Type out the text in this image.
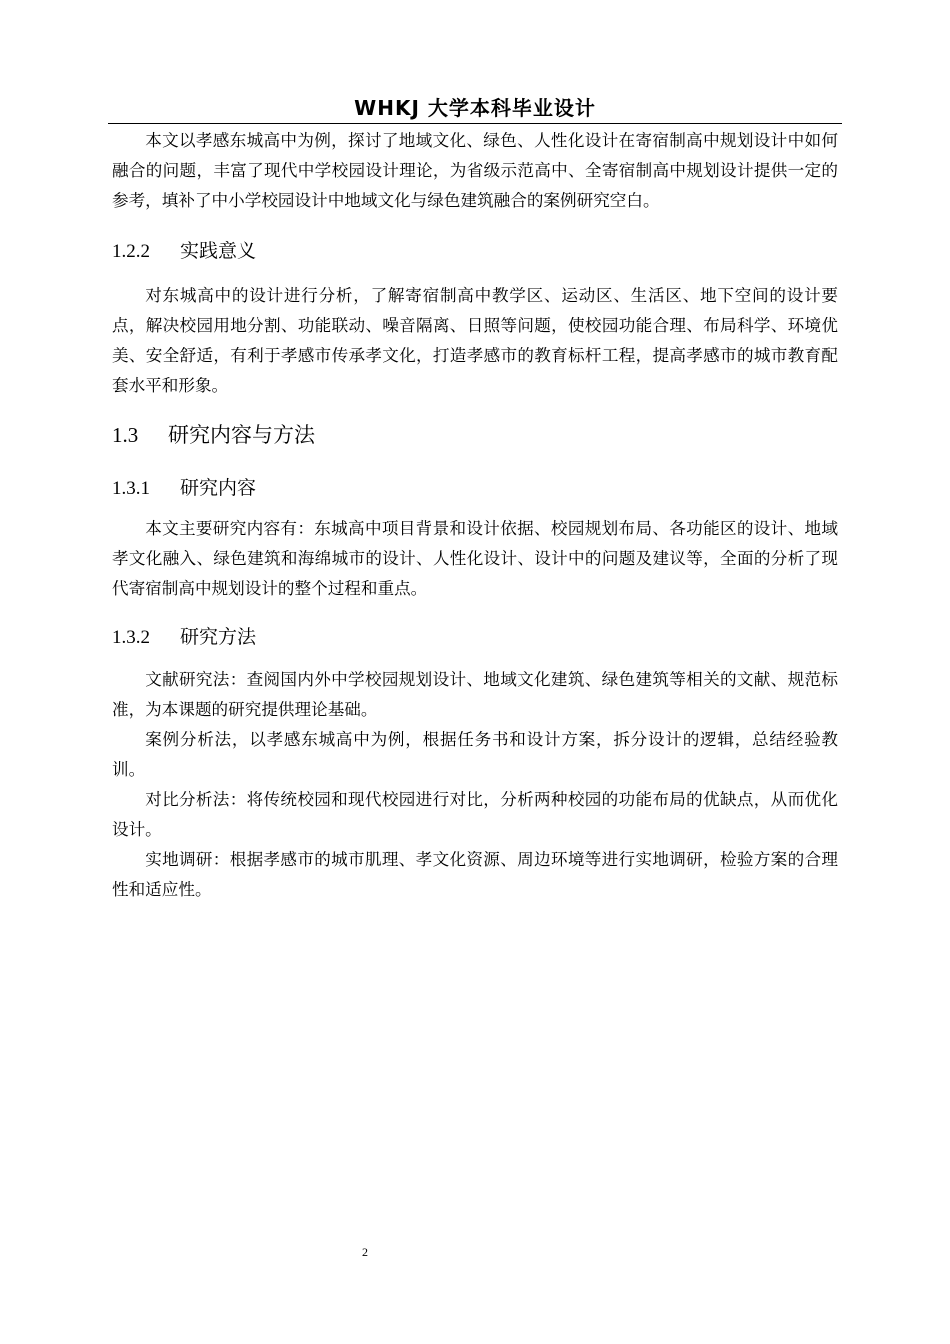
WHKJ 大学本科毕业设计

本文以孝感东城高中为例，探讨了地域文化、绿色、人性化设计在寄宿制高中规划设计中如何融合的问题，丰富了现代中学校园设计理论，为省级示范高中、全寄宿制高中规划设计提供一定的参考，填补了中小学校园设计中地域文化与绿色建筑融合的案例研究空白。

1.2.2 实践意义

对东城高中的设计进行分析，了解寄宿制高中教学区、运动区、生活区、地下空间的设计要点，解决校园用地分割、功能联动、噪音隔离、日照等问题，使校园功能合理、布局科学、环境优美、安全舒适，有利于孝感市传承孝文化，打造孝感市的教育标杆工程，提高孝感市的城市教育配套水平和形象。

1.3 研究内容与方法
1.3.1 研究内容

本文主要研究内容有：东城高中项目背景和设计依据、校园规划布局、各功能区的设计、地域孝文化融入、绿色建筑和海绵城市的设计、人性化设计、设计中的问题及建议等，全面的分析了现代寄宿制高中规划设计的整个过程和重点。

1.3.2 研究方法

文献研究法：查阅国内外中学校园规划设计、地域文化建筑、绿色建筑等相关的文献、规范标准，为本课题的研究提供理论基础。

案例分析法，以孝感东城高中为例，根据任务书和设计方案，拆分设计的逻辑，总结经验教训。

对比分析法：将传统校园和现代校园进行对比，分析两种校园的功能布局的优缺点，从而优化设计。

实地调研：根据孝感市的城市肌理、孝文化资源、周边环境等进行实地调研，检验方案的合理性和适应性。

2
